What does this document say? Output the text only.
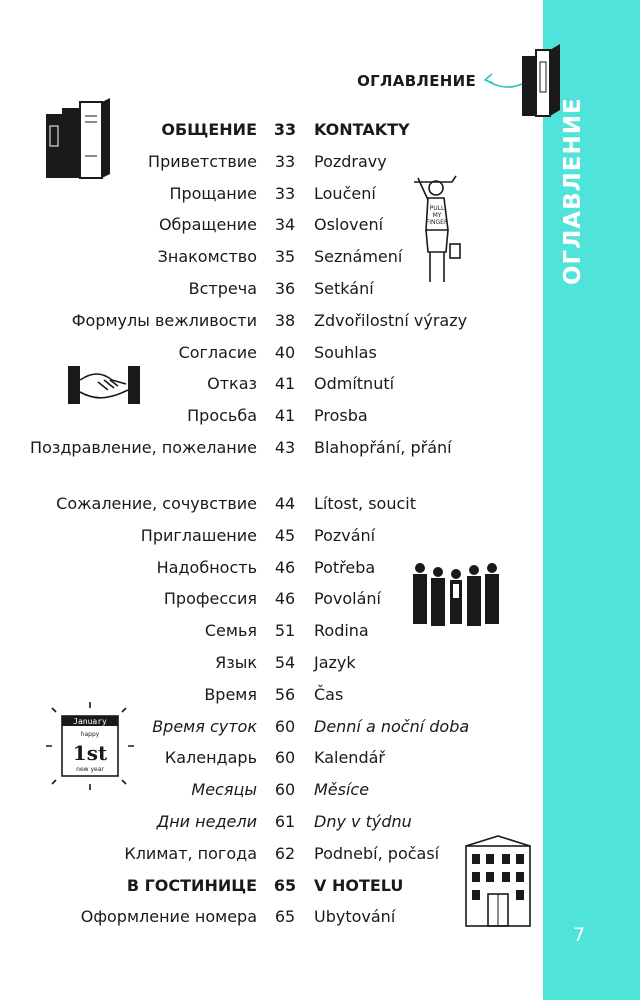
ОГЛАВЛЕНИЕ
7
ОГЛАВЛЕНИЕ
PULL
MY
FINGER
January
happy
1st
new year
ОБЩЕНИЕ 33 KONTAKTY
Приветствие	33	Pozdravy
Прощание	33	Loučení
Обращение	34	Oslovení
Знакомство	35	Seznámení
Встреча	36	Setkání
Формулы вежливости	38	Zdvořilostní výrazy
Согласие	40	Souhlas
Отказ	41	Odmítnutí
Просьба	41	Prosba
Поздравление, пожелание	43	Blahopřání, přání
Сожаление, сочувствие	44	Lítost, soucit
Приглашение	45	Pozvání
Надобность	46	Potřeba
Профессия	46	Povolání
Семья	51	Rodina
Язык	54	Jazyk
Время	56	Čas
Время суток	60	Denní a noční doba
Календарь	60	Kalendář
Месяцы	60	Měsíce
Дни недели	61	Dny v týdnu
Климат, погода	62	Podnebí, počasí
В ГОСТИНИЦЕ 65 V HOTELU
Оформление номера	65	Ubytování
